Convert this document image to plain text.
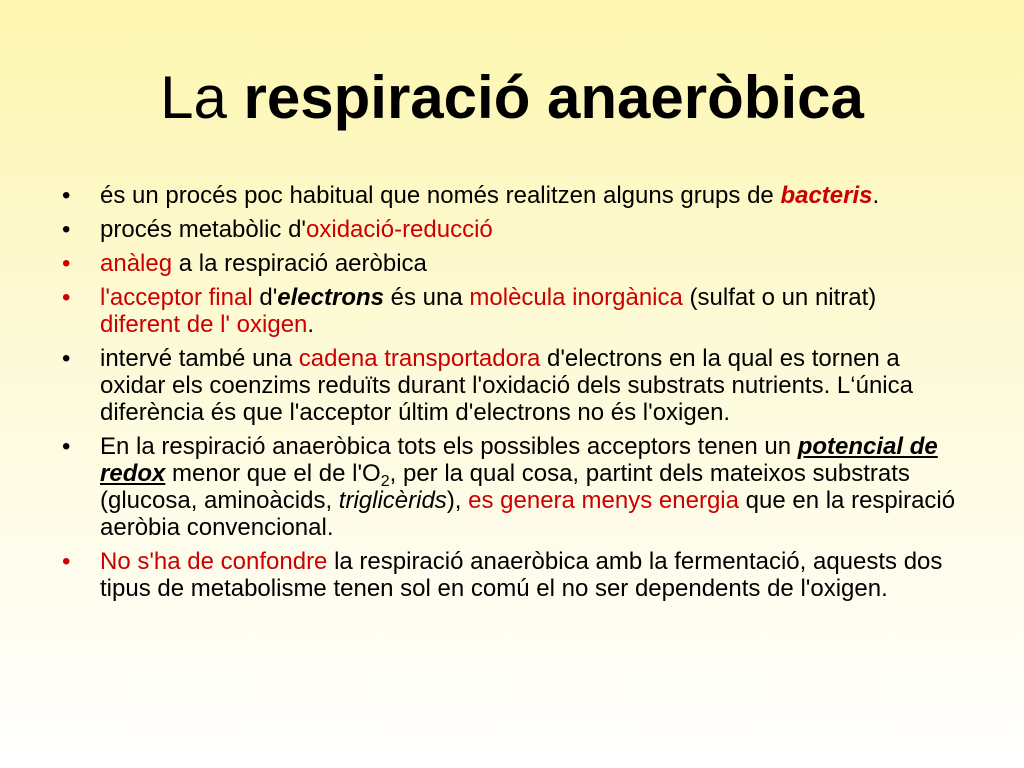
La respiració anaeròbica
•	és un procés poc habitual que només realitzen alguns grups de bacteris.
•	procés metabòlic d'oxidació-reducció
•	anàleg a la respiració aeròbica
•	l'acceptor final d'electrons és una molècula inorgànica (sulfat o un nitrat) diferent de l' oxigen.
•	intervé també una cadena transportadora d'electrons en la qual es tornen a oxidar els coenzims reduïts durant l'oxidació dels substrats nutrients. L‘única diferència és que l'acceptor últim d'electrons no és l'oxigen.
•	En la respiració anaeròbica tots els possibles acceptors tenen un potencial de redox menor que el de $l'O_2$, per la qual cosa, partint dels mateixos substrats (glucosa, aminoàcids, triglicèrids), es genera menys energia que en la respiració aeròbia convencional.
•	No s'ha de confondre la respiració anaeròbica amb la fermentació, aquests dos tipus de metabolisme tenen sol en comú el no ser dependents de l'oxigen.
